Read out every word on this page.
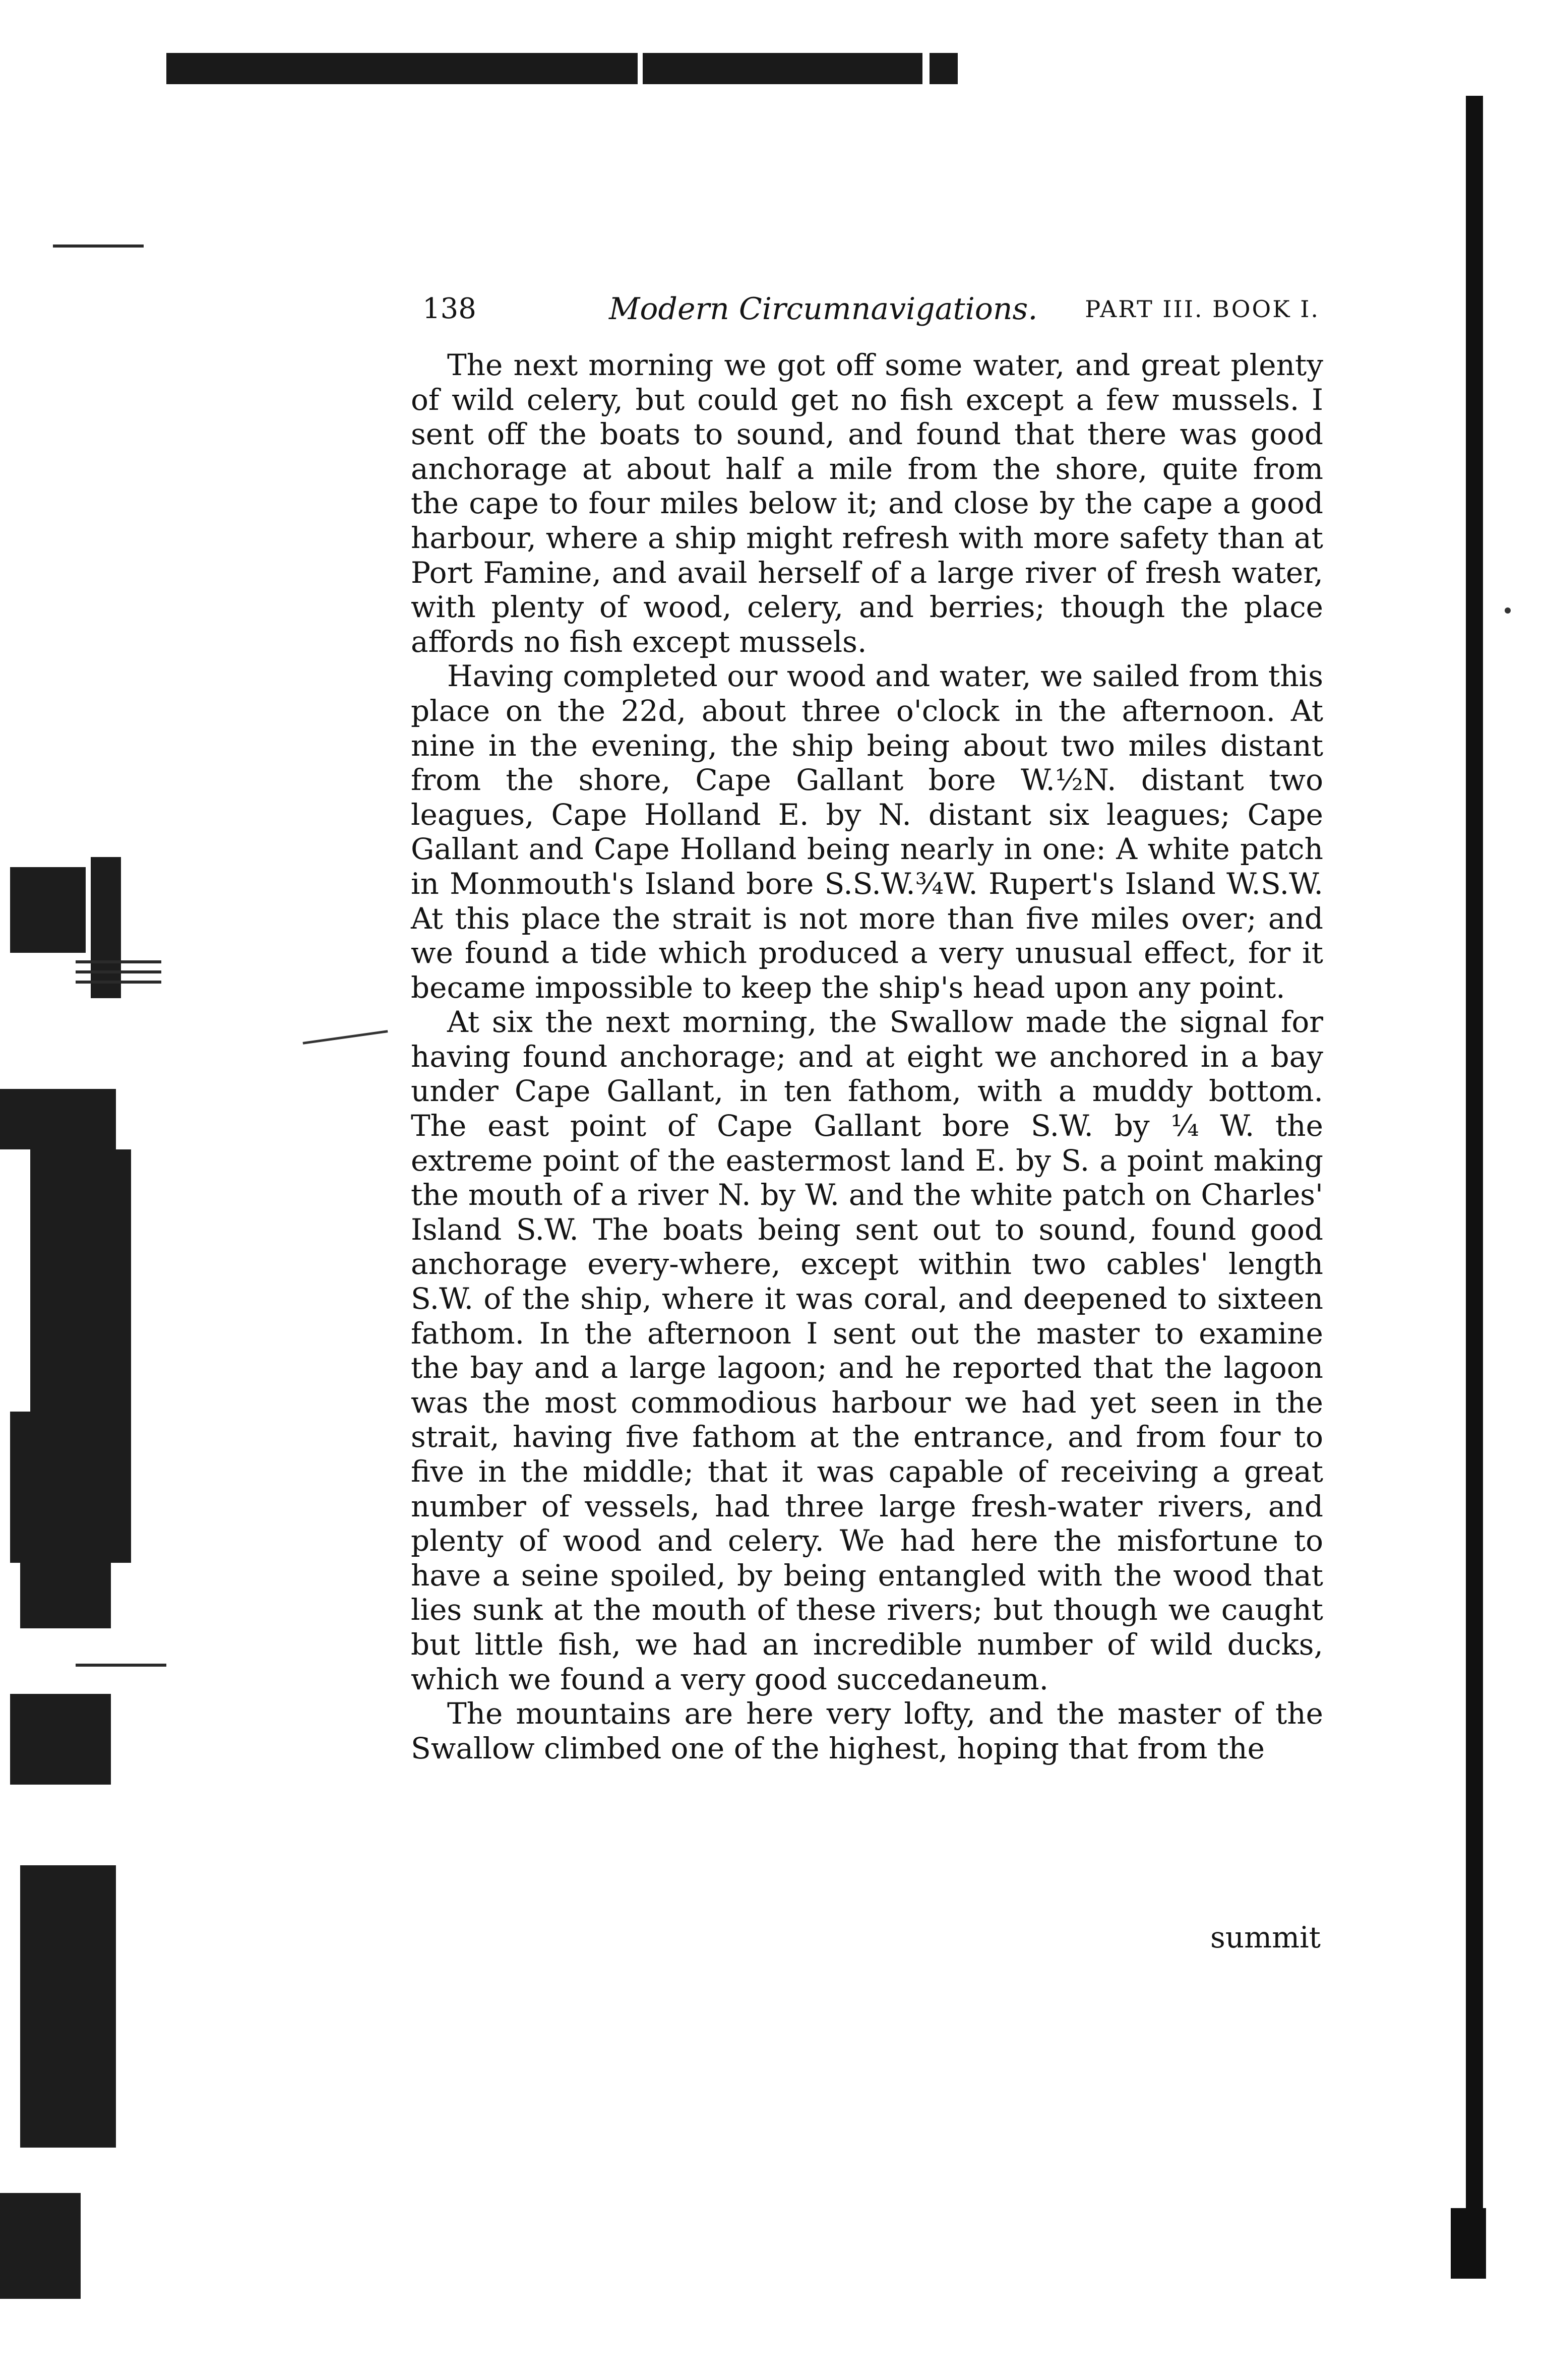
138	Modern Circumnavigations. PART III. BOOK I.

The next morning we got off some water, and great plenty of wild celery, but could get no fish except a few mussels. I sent off the boats to sound, and found that there was good anchorage at about half a mile from the shore, quite from the cape to four miles below it; and close by the cape a good harbour, where a ship might refresh with more safety than at Port Famine, and avail herself of a large river of fresh water, with plenty of wood, celery, and berries; though the place affords no fish except mussels.

Having completed our wood and water, we sailed from this place on the 22d, about three o'clock in the afternoon. At nine in the evening, the ship being about two miles distant from the shore, Cape Gallant bore W.½N. distant two leagues, Cape Holland E. by N. distant six leagues; Cape Gallant and Cape Holland being nearly in one: A white patch in Monmouth's Island bore S.S.W.¾W. Rupert's Island W.S.W. At this place the strait is not more than five miles over; and we found a tide which produced a very unusual effect, for it became impossible to keep the ship's head upon any point.

At six the next morning, the Swallow made the signal for having found anchorage; and at eight we anchored in a bay under Cape Gallant, in ten fathom, with a muddy bottom. The east point of Cape Gallant bore S.W. by ¼ W. the extreme point of the eastermost land E. by S. a point making the mouth of a river N. by W. and the white patch on Charles' Island S.W. The boats being sent out to sound, found good anchorage every-where, except within two cables' length S.W. of the ship, where it was coral, and deepened to sixteen fathom. In the afternoon I sent out the master to examine the bay and a large lagoon; and he reported that the lagoon was the most commodious harbour we had yet seen in the strait, having five fathom at the entrance, and from four to five in the middle; that it was capable of receiving a great number of vessels, had three large fresh-water rivers, and plenty of wood and celery. We had here the misfortune to have a seine spoiled, by being entangled with the wood that lies sunk at the mouth of these rivers; but though we caught but little fish, we had an incredible number of wild ducks, which we found a very good succedaneum.

The mountains are here very lofty, and the master of the Swallow climbed one of the highest, hoping that from the

summit
